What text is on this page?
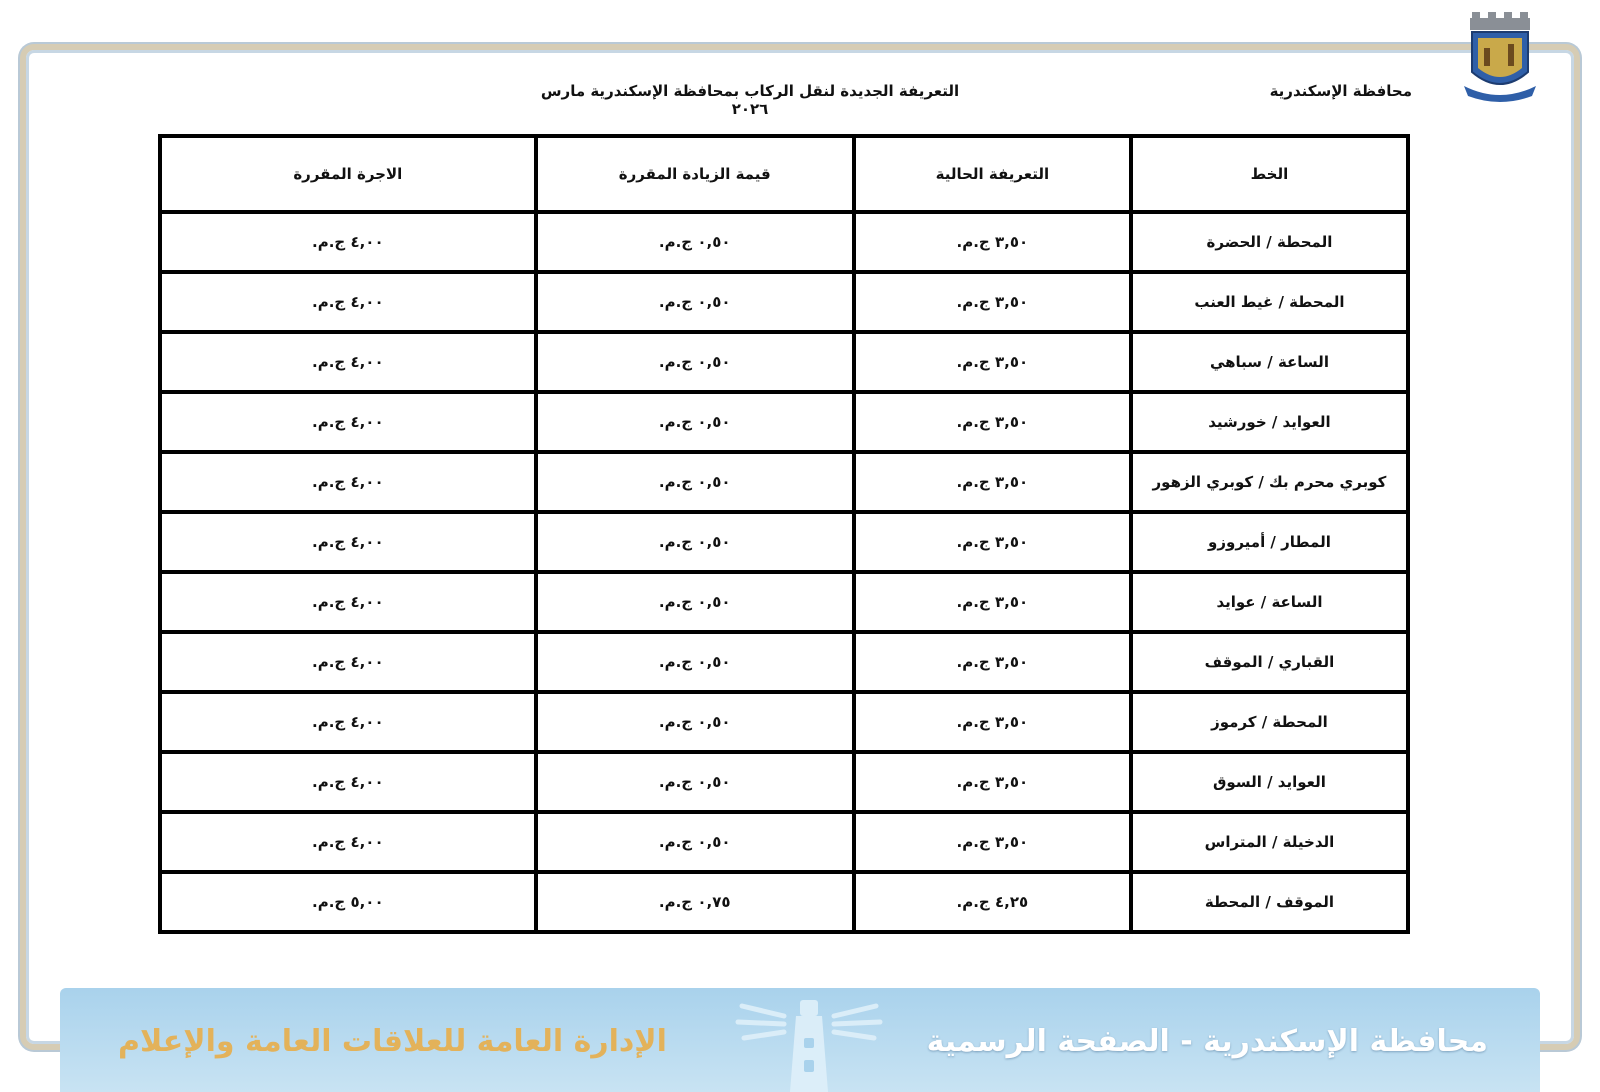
محافظة الإسكندرية
التعريفة الجديدة لنقل الركاب بمحافظة الإسكندرية مارس ٢٠٢٦
الخط	التعريفة الحالية	قيمة الزيادة المقررة	الاجرة المقررة
المحطة / الحضرة	٣,٥٠ ج.م.	٠,٥٠ ج.م.	٤,٠٠ ج.م.
المحطة / غيط العنب	٣,٥٠ ج.م.	٠,٥٠ ج.م.	٤,٠٠ ج.م.
الساعة / سباهي	٣,٥٠ ج.م.	٠,٥٠ ج.م.	٤,٠٠ ج.م.
العوايد / خورشيد	٣,٥٠ ج.م.	٠,٥٠ ج.م.	٤,٠٠ ج.م.
كوبري محرم بك / كوبري الزهور	٣,٥٠ ج.م.	٠,٥٠ ج.م.	٤,٠٠ ج.م.
المطار / أميروزو	٣,٥٠ ج.م.	٠,٥٠ ج.م.	٤,٠٠ ج.م.
الساعة / عوايد	٣,٥٠ ج.م.	٠,٥٠ ج.م.	٤,٠٠ ج.م.
القباري / الموقف	٣,٥٠ ج.م.	٠,٥٠ ج.م.	٤,٠٠ ج.م.
المحطة / كرموز	٣,٥٠ ج.م.	٠,٥٠ ج.م.	٤,٠٠ ج.م.
العوايد / السوق	٣,٥٠ ج.م.	٠,٥٠ ج.م.	٤,٠٠ ج.م.
الدخيلة / المتراس	٣,٥٠ ج.م.	٠,٥٠ ج.م.	٤,٠٠ ج.م.
الموقف / المحطة	٤,٢٥ ج.م.	٠,٧٥ ج.م.	٥,٠٠ ج.م.
محافظة الإسكندرية - الصفحة الرسمية
الإدارة العامة للعلاقات العامة والإعلام
